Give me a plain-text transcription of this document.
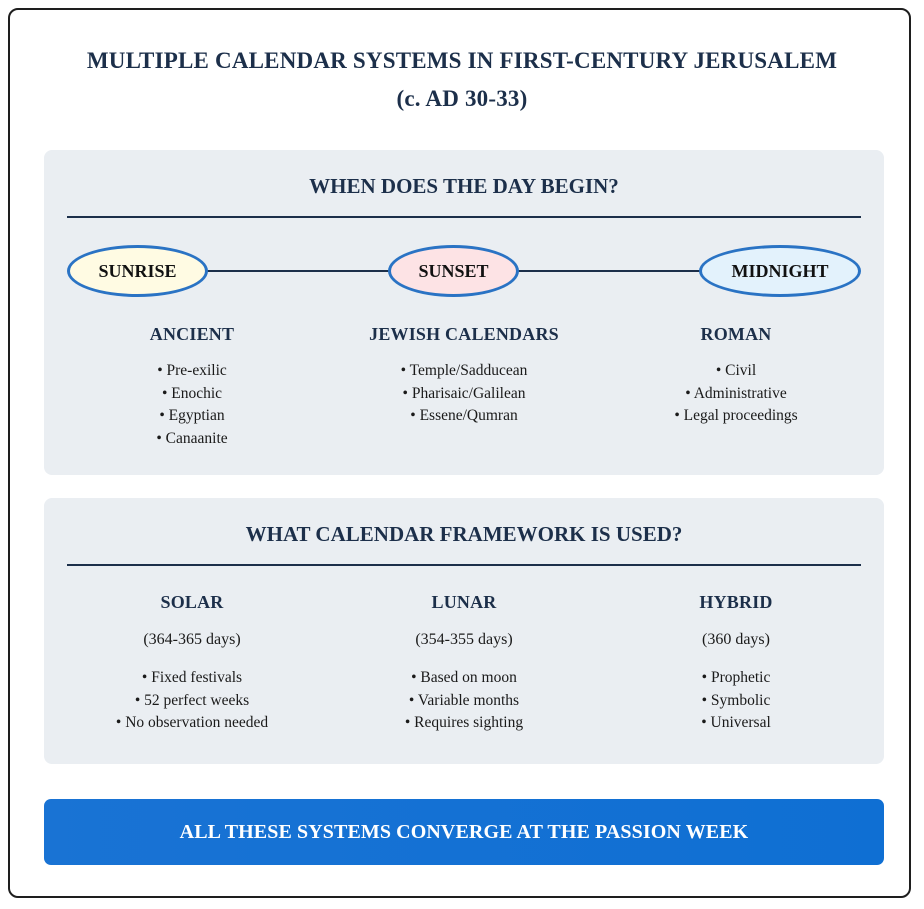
MULTIPLE CALENDAR SYSTEMS IN FIRST-CENTURY JERUSALEM
(c. AD 30-33)
WHEN DOES THE DAY BEGIN?
SUNRISE	SUNSET	MIDNIGHT
ANCIENT
• Pre-exilic
• Enochic
• Egyptian
• Canaanite
JEWISH CALENDARS
• Temple/Sadducean
• Pharisaic/Galilean
• Essene/Qumran
ROMAN
• Civil
• Administrative
• Legal proceedings
WHAT CALENDAR FRAMEWORK IS USED?
SOLAR
(364-365 days)
• Fixed festivals
• 52 perfect weeks
• No observation needed
LUNAR
(354-355 days)
• Based on moon
• Variable months
• Requires sighting
HYBRID
(360 days)
• Prophetic
• Symbolic
• Universal
ALL THESE SYSTEMS CONVERGE AT THE PASSION WEEK
